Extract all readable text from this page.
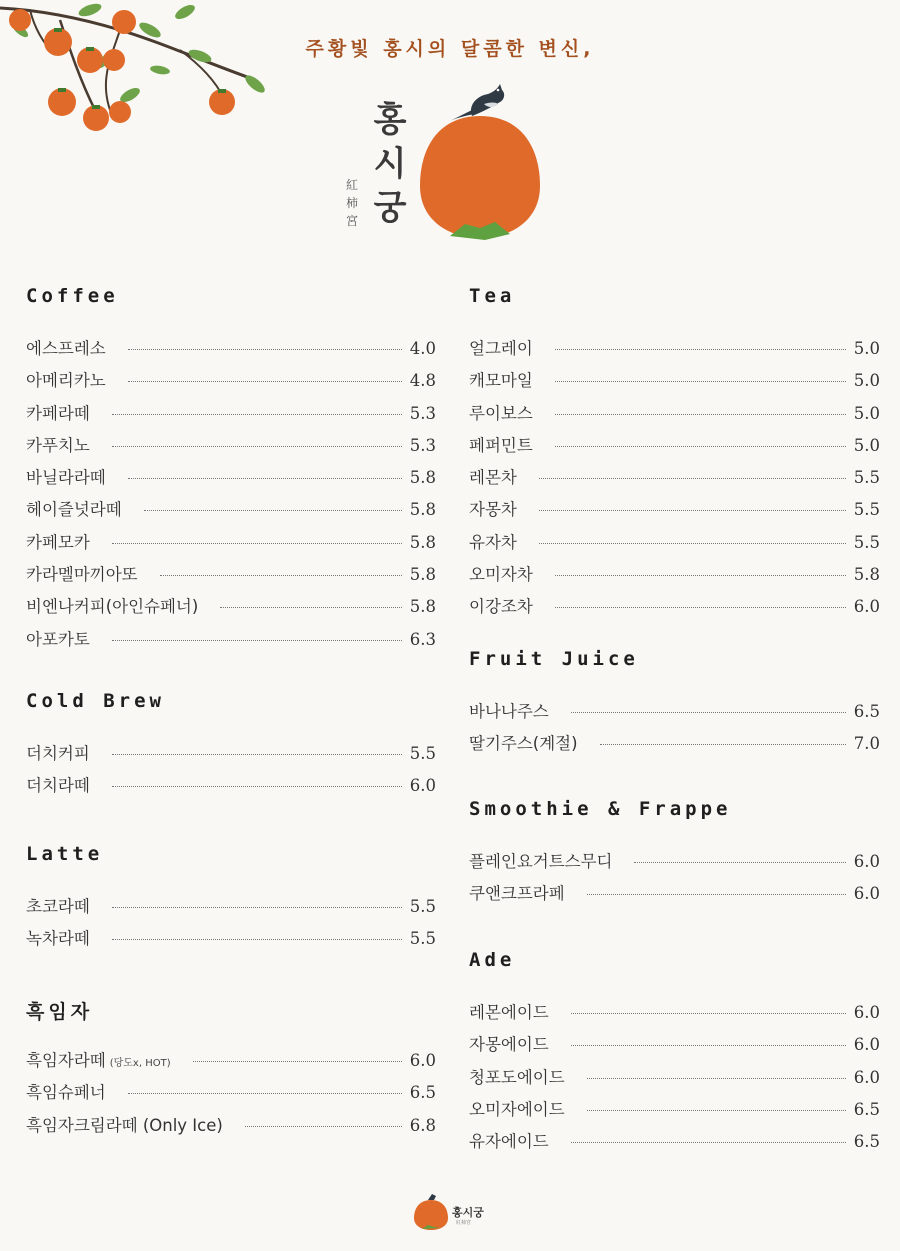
주황빛 홍시의 달콤한 변신,
홍
시
궁
紅
柿
宮
Coffee
에스프레소	4.0
아메리카노	4.8
카페라떼	5.3
카푸치노	5.3
바닐라라떼	5.8
헤이즐넛라떼	5.8
카페모카	5.8
카라멜마끼아또	5.8
비엔나커피(아인슈페너)	5.8
아포카토	6.3
Cold Brew
더치커피	5.5
더치라떼	6.0
Latte
초코라떼	5.5
녹차라떼	5.5
흑임자
흑임자라떼 (당도x, HOT)	6.0
흑임슈페너	6.5
흑임자크림라떼 (Only Ice)	6.8
Tea
얼그레이	5.0
캐모마일	5.0
루이보스	5.0
페퍼민트	5.0
레몬차	5.5
자몽차	5.5
유자차	5.5
오미자차	5.8
이강조차	6.0
Fruit Juice
바나나주스	6.5
딸기주스(계절)	7.0
Smoothie & Frappe
플레인요거트스무디	6.0
쿠앤크프라페	6.0
Ade
레몬에이드	6.0
자몽에이드	6.0
청포도에이드	6.0
오미자에이드	6.5
유자에이드	6.5
홍시궁
紅柿宮
